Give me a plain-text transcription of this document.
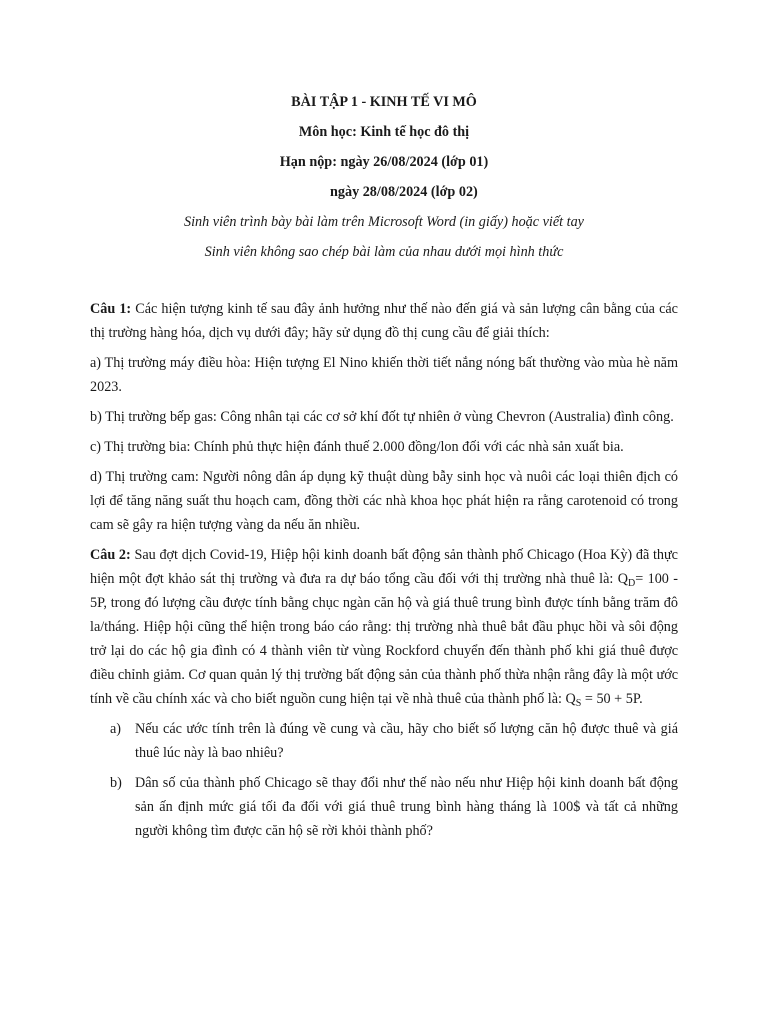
BÀI TẬP 1 - KINH TẾ VI MÔ
Môn học: Kinh tế học đô thị
Hạn nộp: ngày 26/08/2024 (lớp 01)
ngày 28/08/2024 (lớp 02)
Sinh viên trình bày bài làm trên Microsoft Word (in giấy) hoặc viết tay
Sinh viên không sao chép bài làm của nhau dưới mọi hình thức

Câu 1: Các hiện tượng kinh tế sau đây ảnh hưởng như thế nào đến giá và sản lượng cân bằng của các thị trường hàng hóa, dịch vụ dưới đây; hãy sử dụng đồ thị cung cầu để giải thích:

a) Thị trường máy điều hòa: Hiện tượng El Nino khiến thời tiết nắng nóng bất thường vào mùa hè năm 2023.

b) Thị trường bếp gas: Công nhân tại các cơ sở khí đốt tự nhiên ở vùng Chevron (Australia) đình công.

c) Thị trường bia: Chính phủ thực hiện đánh thuế 2.000 đồng/lon đối với các nhà sản xuất bia.

d) Thị trường cam: Người nông dân áp dụng kỹ thuật dùng bẫy sinh học và nuôi các loại thiên địch có lợi để tăng năng suất thu hoạch cam, đồng thời các nhà khoa học phát hiện ra rằng carotenoid có trong cam sẽ gây ra hiện tượng vàng da nếu ăn nhiều.

Câu 2: Sau đợt dịch Covid-19, Hiệp hội kinh doanh bất động sản thành phố Chicago (Hoa Kỳ) đã thực hiện một đợt khảo sát thị trường và đưa ra dự báo tổng cầu đối với thị trường nhà thuê là: $Q_D= 100 - 5P$, trong đó lượng cầu được tính bằng chục ngàn căn hộ và giá thuê trung bình được tính bằng trăm đô la/tháng. Hiệp hội cũng thể hiện trong báo cáo rằng: thị trường nhà thuê bắt đầu phục hồi và sôi động trở lại do các hộ gia đình có 4 thành viên từ vùng Rockford chuyển đến thành phố khi giá thuê được điều chỉnh giảm. Cơ quan quản lý thị trường bất động sản của thành phố thừa nhận rằng đây là một ước tính về cầu chính xác và cho biết nguồn cung hiện tại về nhà thuê của thành phố là: $Q_S = 50 + 5P$.

a) Nếu các ước tính trên là đúng về cung và cầu, hãy cho biết số lượng căn hộ được thuê và giá thuê lúc này là bao nhiêu?
b) Dân số của thành phố Chicago sẽ thay đổi như thế nào nếu như Hiệp hội kinh doanh bất động sản ấn định mức giá tối đa đối với giá thuê trung bình hàng tháng là 100$ và tất cả những người không tìm được căn hộ sẽ rời khỏi thành phố?
